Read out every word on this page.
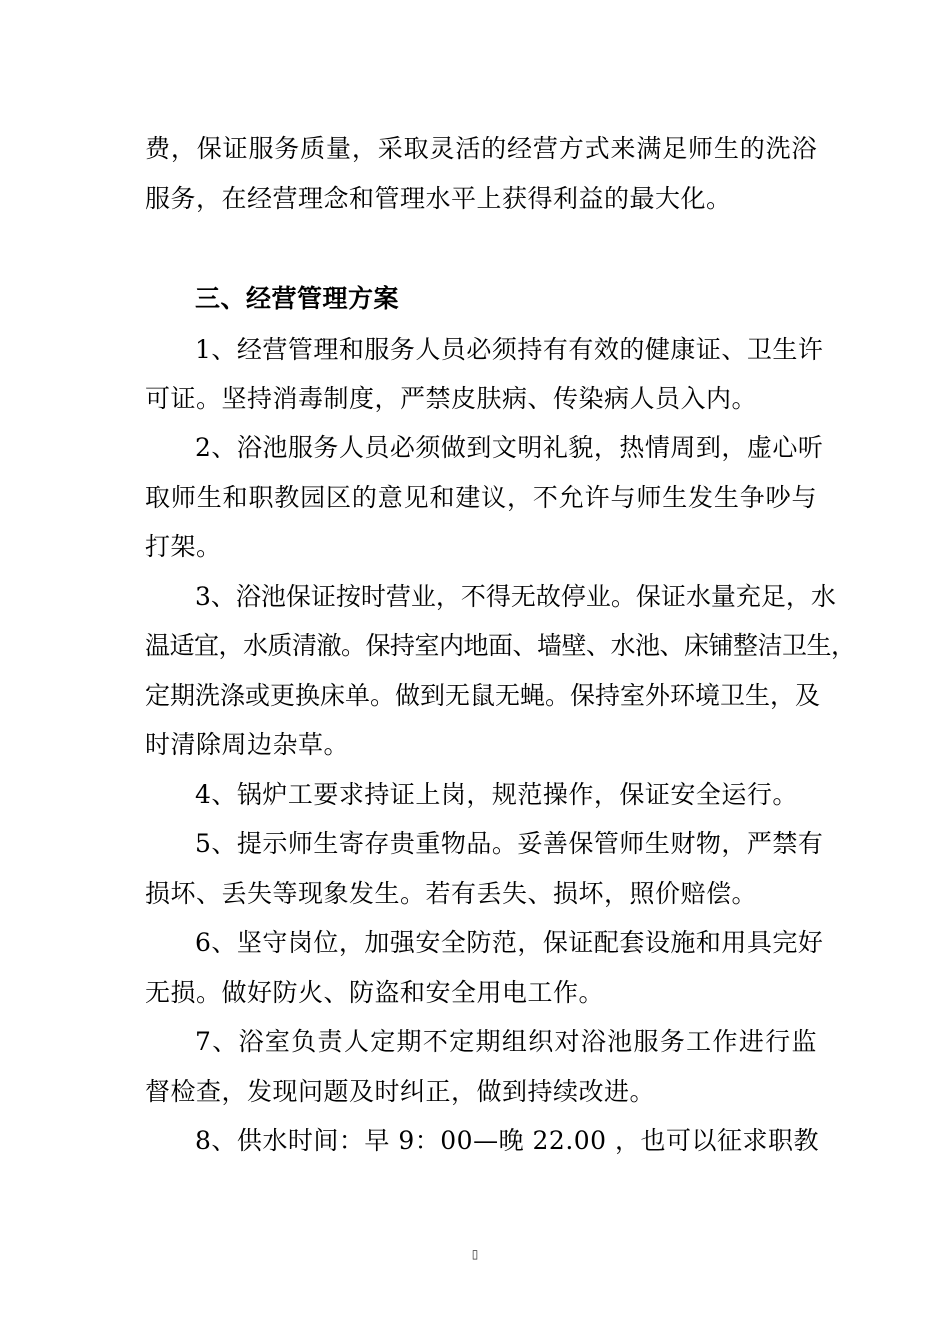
费，保证服务质量，采取灵活的经营方式来满足师生的洗浴
服务，在经营理念和管理水平上获得利益的最大化。
三、经营管理方案
1、经营管理和服务人员必须持有有效的健康证、卫生许
可证。坚持消毒制度，严禁皮肤病、传染病人员入内。
2、浴池服务人员必须做到文明礼貌，热情周到，虚心听
取师生和职教园区的意见和建议，不允许与师生发生争吵与
打架。
3、浴池保证按时营业，不得无故停业。保证水量充足，水
温适宜，水质清澈。保持室内地面、墙壁、水池、床铺整洁卫生，
定期洗涤或更换床单。做到无鼠无蝇。保持室外环境卫生，及
时清除周边杂草。
4、锅炉工要求持证上岗，规范操作，保证安全运行。
5、提示师生寄存贵重物品。妥善保管师生财物，严禁有
损坏、丢失等现象发生。若有丢失、损坏，照价赔偿。
6、坚守岗位，加强安全防范，保证配套设施和用具完好
无损。做好防火、防盗和安全用电工作。
7、浴室负责人定期不定期组织对浴池服务工作进行监
督检查，发现问题及时纠正，做到持续改进。
8、供水时间：早 9：00—晚 22.00 ，也可以征求职教
▯
